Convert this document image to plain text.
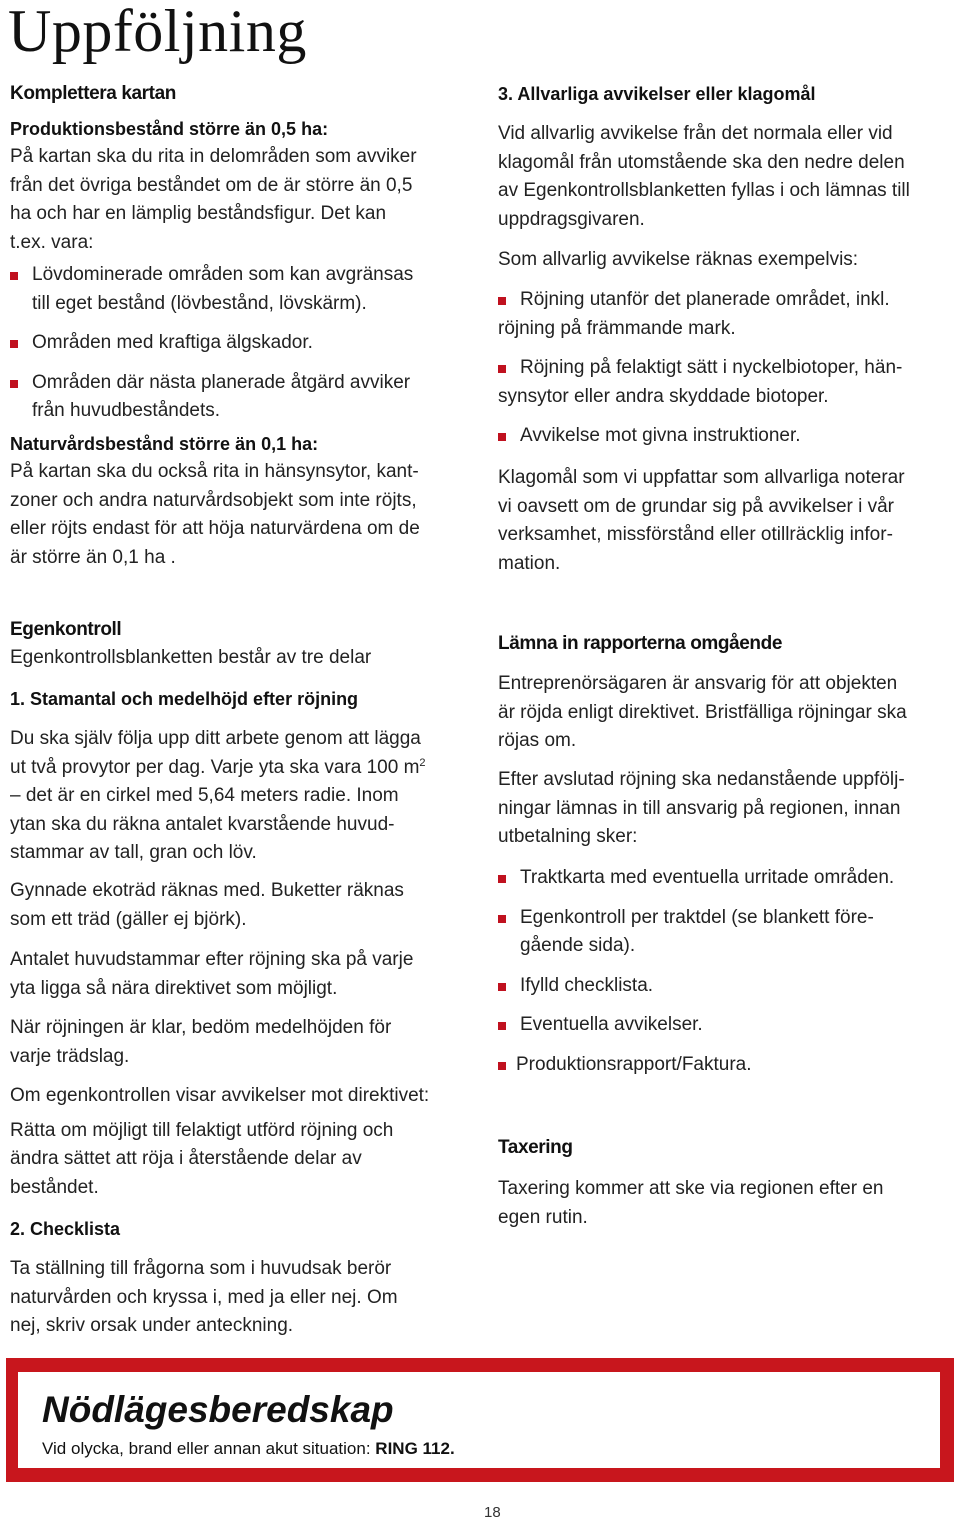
Uppföljning

Komplettera kartan

Produktionsbestånd större än 0,5 ha:

På kartan ska du rita in delområden som avviker

från det övriga beståndet om de är större än 0,5

ha och har en lämplig beståndsfigur. Det kan

t.ex. vara:

Lövdominerade områden som kan avgränsas
till eget bestånd (lövbestånd, lövskärm).
Områden med kraftiga älgskador.
Områden där nästa planerade åtgärd avviker
från huvudbeståndets.

Naturvårdsbestånd större än 0,1 ha:

På kartan ska du också rita in hänsynsytor, kant-

zoner och andra naturvårdsobjekt som inte röjts,

eller röjts endast för att höja naturvärdena om de

är större än 0,1 ha .

Egenkontroll

Egenkontrollsblanketten består av tre delar

1. Stamantal och medelhöjd efter röjning

Du ska själv följa upp ditt arbete genom att lägga

ut två provytor per dag. Varje yta ska vara 100 $m^2$

– det är en cirkel med 5,64 meters radie. Inom

ytan ska du räkna antalet kvarstående huvud-

stammar av tall, gran och löv.

Gynnade ekoträd räknas med. Buketter räknas

som ett träd (gäller ej björk).

Antalet huvudstammar efter röjning ska på varje

yta ligga så nära direktivet som möjligt.

När röjningen är klar, bedöm medelhöjden för

varje trädslag.

Om egenkontrollen visar avvikelser mot direktivet:

Rätta om möjligt till felaktigt utförd röjning och

ändra sättet att röja i återstående delar av

beståndet.

2. Checklista

Ta ställning till frågorna som i huvudsak berör

naturvården och kryssa i, med ja eller nej. Om

nej, skriv orsak under anteckning.

3. Allvarliga avvikelser eller klagomål

Vid allvarlig avvikelse från det normala eller vid

klagomål från utomstående ska den nedre delen

av Egenkontrollsblanketten fyllas i och lämnas till

uppdragsgivaren.

Som allvarlig avvikelse räknas exempelvis:

Röjning utanför det planerade området, inkl.
röjning på främmande mark.
Röjning på felaktigt sätt i nyckelbiotoper, hän-
synsytor eller andra skyddade biotoper.
Avvikelse mot givna instruktioner.

Klagomål som vi uppfattar som allvarliga noterar

vi oavsett om de grundar sig på avvikelser i vår

verksamhet, missförstånd eller otillräcklig infor-

mation.

Lämna in rapporterna omgående

Entreprenörsägaren är ansvarig för att objekten

är röjda enligt direktivet. Bristfälliga röjningar ska

röjas om.

Efter avslutad röjning ska nedanstående uppfölj-

ningar lämnas in till ansvarig på regionen, innan

utbetalning sker:

Traktkarta med eventuella urritade områden.
Egenkontroll per traktdel (se blankett före-
gående sida).
Ifylld checklista.
Eventuella avvikelser.
Produktionsrapport/Faktura.

Taxering

Taxering kommer att ske via regionen efter en

egen rutin.

Nödlägesberedskap

Vid olycka, brand eller annan akut situation: RING 112.

18
